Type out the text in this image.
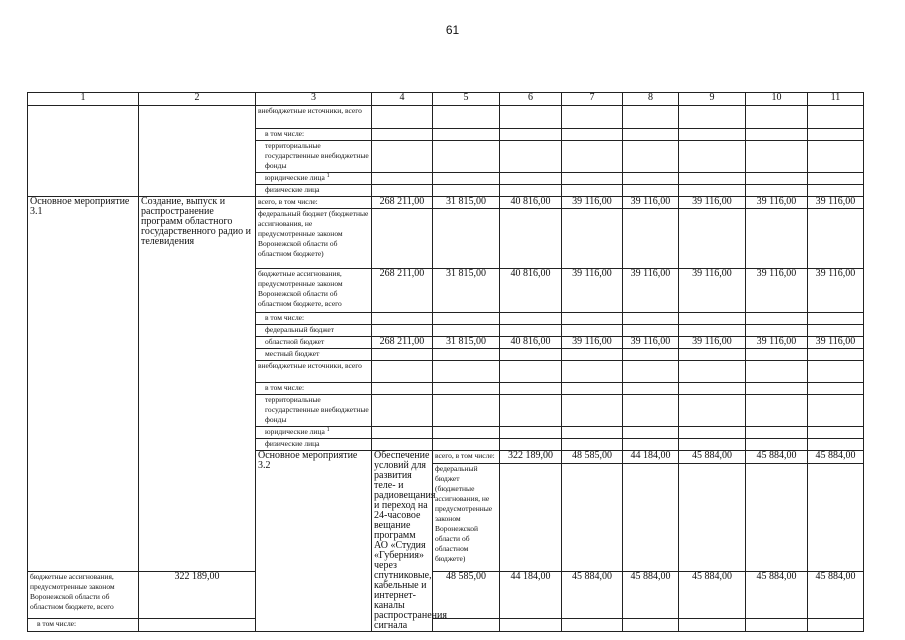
61
1	2	3	4	5	6	7	8	9	10	11	
		внебюджетные источники, всего									
		в том числе:									
		территориальные государственные внебюджетные фонды									
		юридические лица $^1$								
		физические лица									
Основное мероприятие 3.1	Создание, выпуск и распространение программ областного государственного радио и телевидения	всего, в том числе:	268 211,00	31 815,00	40 816,00	39 116,00	39 116,00	39 116,00	39 116,00	39 116,00	
		федеральный бюджет (бюджетные ассигнования, не предусмотренные законом Воронежской области об областном бюджете)									
		бюджетные ассигнования, предусмотренные законом Воронежской области об областном бюджете, всего	268 211,00	31 815,00	40 816,00	39 116,00	39 116,00	39 116,00	39 116,00	39 116,00	
		в том числе:									
		федеральный бюджет									
		областной бюджет	268 211,00	31 815,00	40 816,00	39 116,00	39 116,00	39 116,00	39 116,00	39 116,00	
		местный бюджет									
		внебюджетные источники, всего									
		в том числе:									
		территориальные государственные внебюджетные фонды									
		юридические лица $^1$								
		физические лица									
		Основное мероприятие 3.2	Обеспечение условий для развития теле- и радиовещания и переход на 24-часовое вещание программ АО «Студия «Губерния» через спутниковые, кабельные и интернет-каналы распространения сигнала	всего, в том числе:	322 189,00	48 585,00	44 184,00	45 884,00	45 884,00	45 884,00		
				федеральный бюджет (бюджетные ассигнования, не предусмотренные законом Воронежской области об областном бюджете)								
бюджетные ассигнования, предусмотренные законом Воронежской области об областном бюджете, всего	322 189,00			48 585,00	44 184,00	45 884,00	45 884,00	45 884,00	45 884,00	45 884,00	
в том числе:											
